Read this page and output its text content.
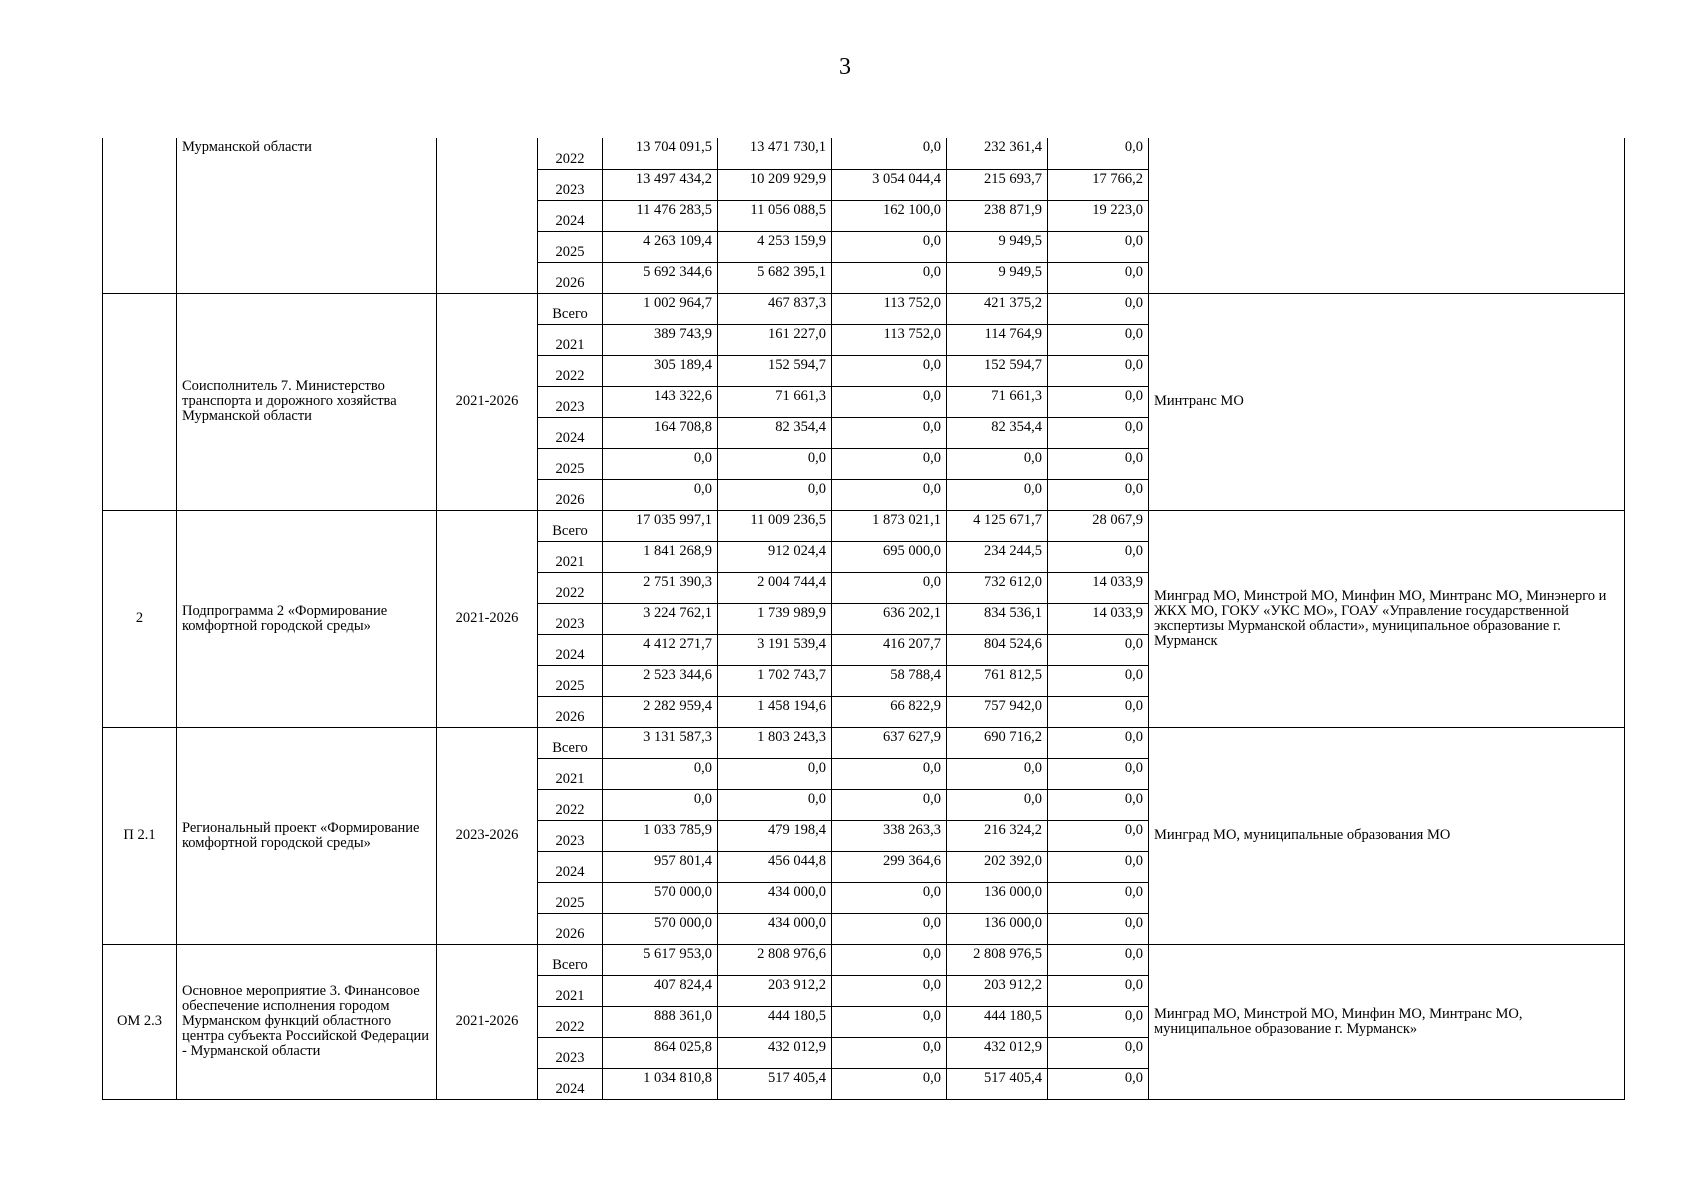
3
	Мурманской области		2022	13 704 091,5	13 471 730,1	0,0	232 361,4	0,0	
			2023	13 497 434,2	10 209 929,9	3 054 044,4	215 693,7	17 766,2	
			2024	11 476 283,5	11 056 088,5	162 100,0	238 871,9	19 223,0	
			2025	4 263 109,4	4 253 159,9	0,0	9 949,5	0,0	
			2026	5 692 344,6	5 682 395,1	0,0	9 949,5	0,0	
	Соисполнитель 7. Министерство транспорта и дорожного хозяйства Мурманской области	2021-2026	Всего	1 002 964,7	467 837,3	113 752,0	421 375,2	0,0	Минтранс МО
			2021	389 743,9	161 227,0	113 752,0	114 764,9	0,0	
			2022	305 189,4	152 594,7	0,0	152 594,7	0,0	
			2023	143 322,6	71 661,3	0,0	71 661,3	0,0	
			2024	164 708,8	82 354,4	0,0	82 354,4	0,0	
			2025	0,0	0,0	0,0	0,0	0,0	
			2026	0,0	0,0	0,0	0,0	0,0	
2	Подпрограмма 2 «Формирование комфортной городской среды»	2021-2026	Всего	17 035 997,1	11 009 236,5	1 873 021,1	4 125 671,7	28 067,9	Минград МО, Минстрой МО, Минфин МО, Минтранс МО, Минэнерго и ЖКХ МО, ГОКУ «УКС МО», ГОАУ «Управление государственной экспертизы Мурманской области», муниципальное образование г. Мурманск
			2021	1 841 268,9	912 024,4	695 000,0	234 244,5	0,0	
			2022	2 751 390,3	2 004 744,4	0,0	732 612,0	14 033,9	
			2023	3 224 762,1	1 739 989,9	636 202,1	834 536,1	14 033,9	
			2024	4 412 271,7	3 191 539,4	416 207,7	804 524,6	0,0	
			2025	2 523 344,6	1 702 743,7	58 788,4	761 812,5	0,0	
			2026	2 282 959,4	1 458 194,6	66 822,9	757 942,0	0,0	
П 2.1	Региональный проект «Формирование комфортной городской среды»	2023-2026	Всего	3 131 587,3	1 803 243,3	637 627,9	690 716,2	0,0	Минград МО, муниципальные образования МО
			2021	0,0	0,0	0,0	0,0	0,0	
			2022	0,0	0,0	0,0	0,0	0,0	
			2023	1 033 785,9	479 198,4	338 263,3	216 324,2	0,0	
			2024	957 801,4	456 044,8	299 364,6	202 392,0	0,0	
			2025	570 000,0	434 000,0	0,0	136 000,0	0,0	
			2026	570 000,0	434 000,0	0,0	136 000,0	0,0	
ОМ 2.3	Основное мероприятие 3. Финансовое обеспечение исполнения городом Мурманском функций областного центра субъекта Российской Федерации - Мурманской области	2021-2026	Всего	5 617 953,0	2 808 976,6	0,0	2 808 976,5	0,0	Минград МО, Минстрой МО, Минфин МО, Минтранс МО, муниципальное образование г. Мурманск»
			2021	407 824,4	203 912,2	0,0	203 912,2	0,0	
			2022	888 361,0	444 180,5	0,0	444 180,5	0,0	
			2023	864 025,8	432 012,9	0,0	432 012,9	0,0	
			2024	1 034 810,8	517 405,4	0,0	517 405,4	0,0	
